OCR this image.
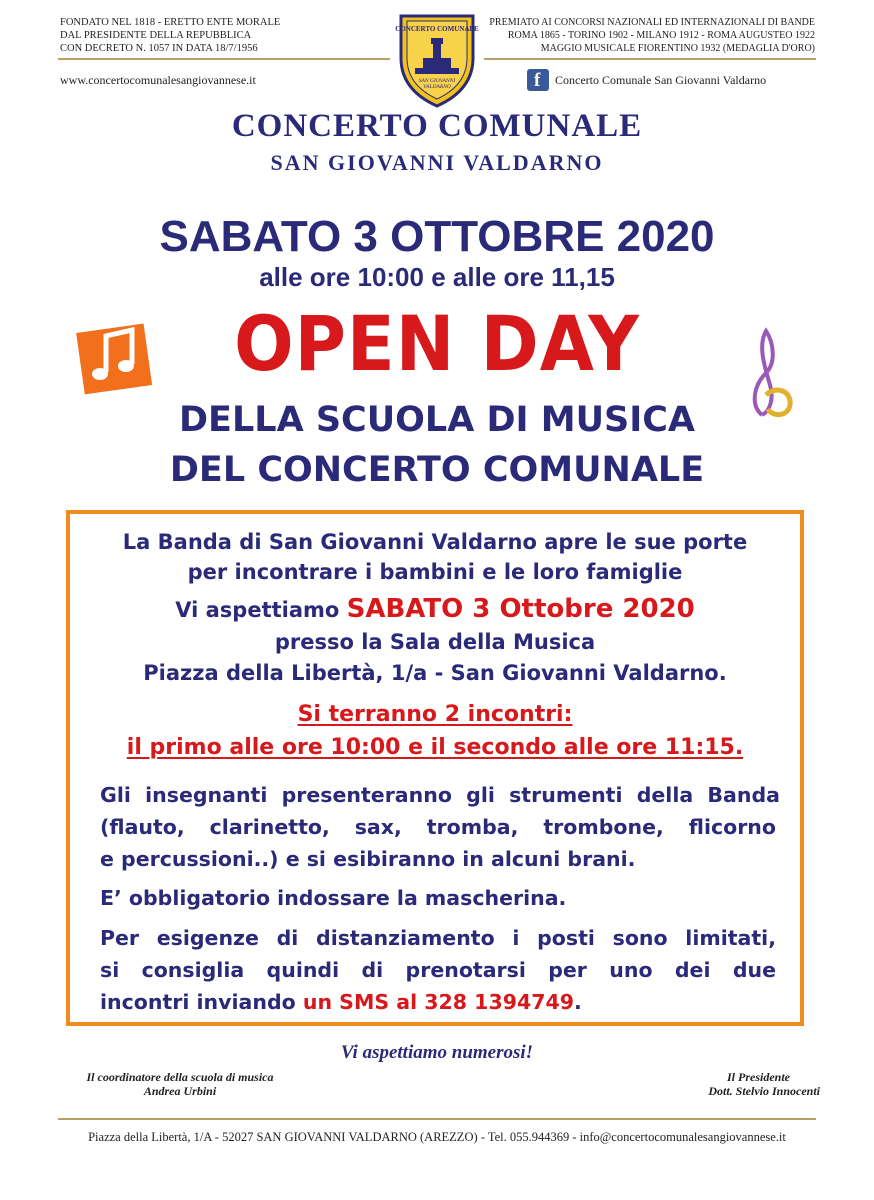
FONDATO NEL 1818 - ERETTO ENTE MORALE
DAL PRESIDENTE DELLA REPUBBLICA
CON DECRETO N. 1057 IN DATA 18/7/1956
PREMIATO AI CONCORSI NAZIONALI ED INTERNAZIONALI DI BANDE
ROMA 1865 - TORINO 1902 - MILANO 1912 - ROMA AUGUSTEO 1922
MAGGIO MUSICALE FIORENTINO 1932 (MEDAGLIA D'ORO)
CONCERTO COMUNALE
SAN GIOVANNI VALDARNO
www.concertocomunalesangiovannese.it	f Concerto Comunale San Giovanni Valdarno
CONCERTO COMUNALE
SAN GIOVANNI VALDARNO
SABATO 3 OTTOBRE 2020
alle ore 10:00 e alle ore 11,15
OPEN DAY
DELLA SCUOLA DI MUSICA
DEL CONCERTO COMUNALE
La Banda di San Giovanni Valdarno apre le sue porte
per incontrare i bambini e le loro famiglie
Vi aspettiamo SABATO 3 Ottobre 2020
presso la Sala della Musica
Piazza della Libertà, 1/a - San Giovanni Valdarno.
Si terranno 2 incontri:
il primo alle ore 10:00 e il secondo alle ore 11:15.
Gli insegnanti presenteranno gli strumenti della Banda
(flauto, clarinetto, sax, tromba, trombone, flicorno
e percussioni..) e si esibiranno in alcuni brani.
E’ obbligatorio indossare la mascherina.
Per esigenze di distanziamento i posti sono limitati,
si consiglia quindi di prenotarsi per uno dei due
incontri inviando un SMS al 328 1394749.
Vi aspettiamo numerosi!
Il coordinatore della scuola di musica
Andrea Urbini
Il Presidente
Dott. Stelvio Innocenti
Piazza della Libertà, 1/A - 52027 SAN GIOVANNI VALDARNO (AREZZO) - Tel. 055.944369 - info@concertocomunalesangiovannese.it
